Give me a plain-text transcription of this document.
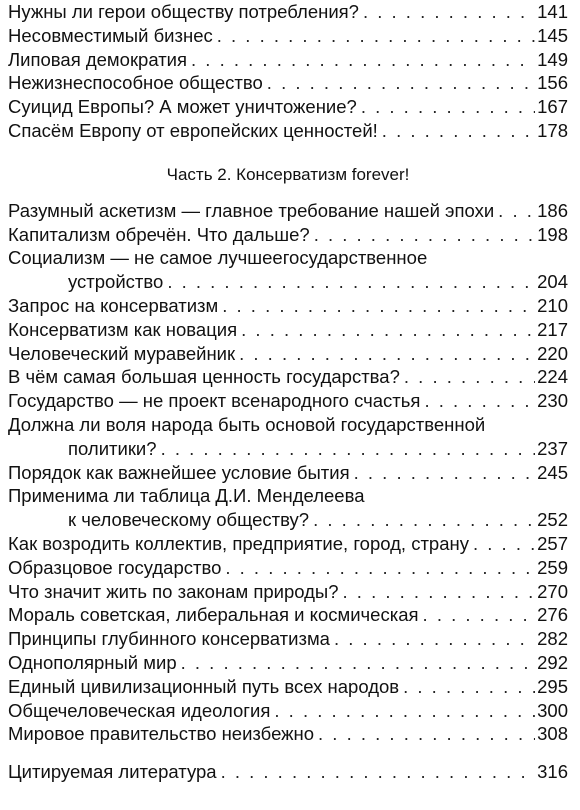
Нужны ли герои обществу потребления? . . .	141
Несовместимый бизнес . . .	145
Липовая демократия . . .	149
Нежизнеспособное общество . . .	156
Суицид Европы? А может уничтожение? . . .	167
Спасём Европу от европейских ценностей! . . .	178
Часть 2. Консерватизм forever!
Разумный аскетизм — главное требование нашей эпохи . . . 186
Капитализм обречён. Что дальше? . . .	198
Социализм — не самое лучшеегосударственное
устройство . . .	204
Запрос на консерватизм . . .	210
Консерватизм как новация . . .	217
Человеческий муравейник . . .	220
В чём самая большая ценность государства? . . .	224
Государство — не проект всенародного счастья . . .	230
Должна ли воля народа быть основой государственной
политики? . . .	237
Порядок как важнейшее условие бытия . . .	245
Применима ли таблица Д.И. Менделеева
к человеческому обществу? . . .	252
Как возродить коллектив, предприятие, город, страну . . .	257
Образцовое государство . . .	259
Что значит жить по законам природы? . . .	270
Мораль советская, либеральная и космическая . . .	276
Принципы глубинного консерватизма . . .	282
Однополярный мир . . .	292
Единый цивилизационный путь всех народов . . .	295
Общечеловеческая идеология . . .	300
Мировое правительство неизбежно . . .	308
Цитируемая литература . . .	316
